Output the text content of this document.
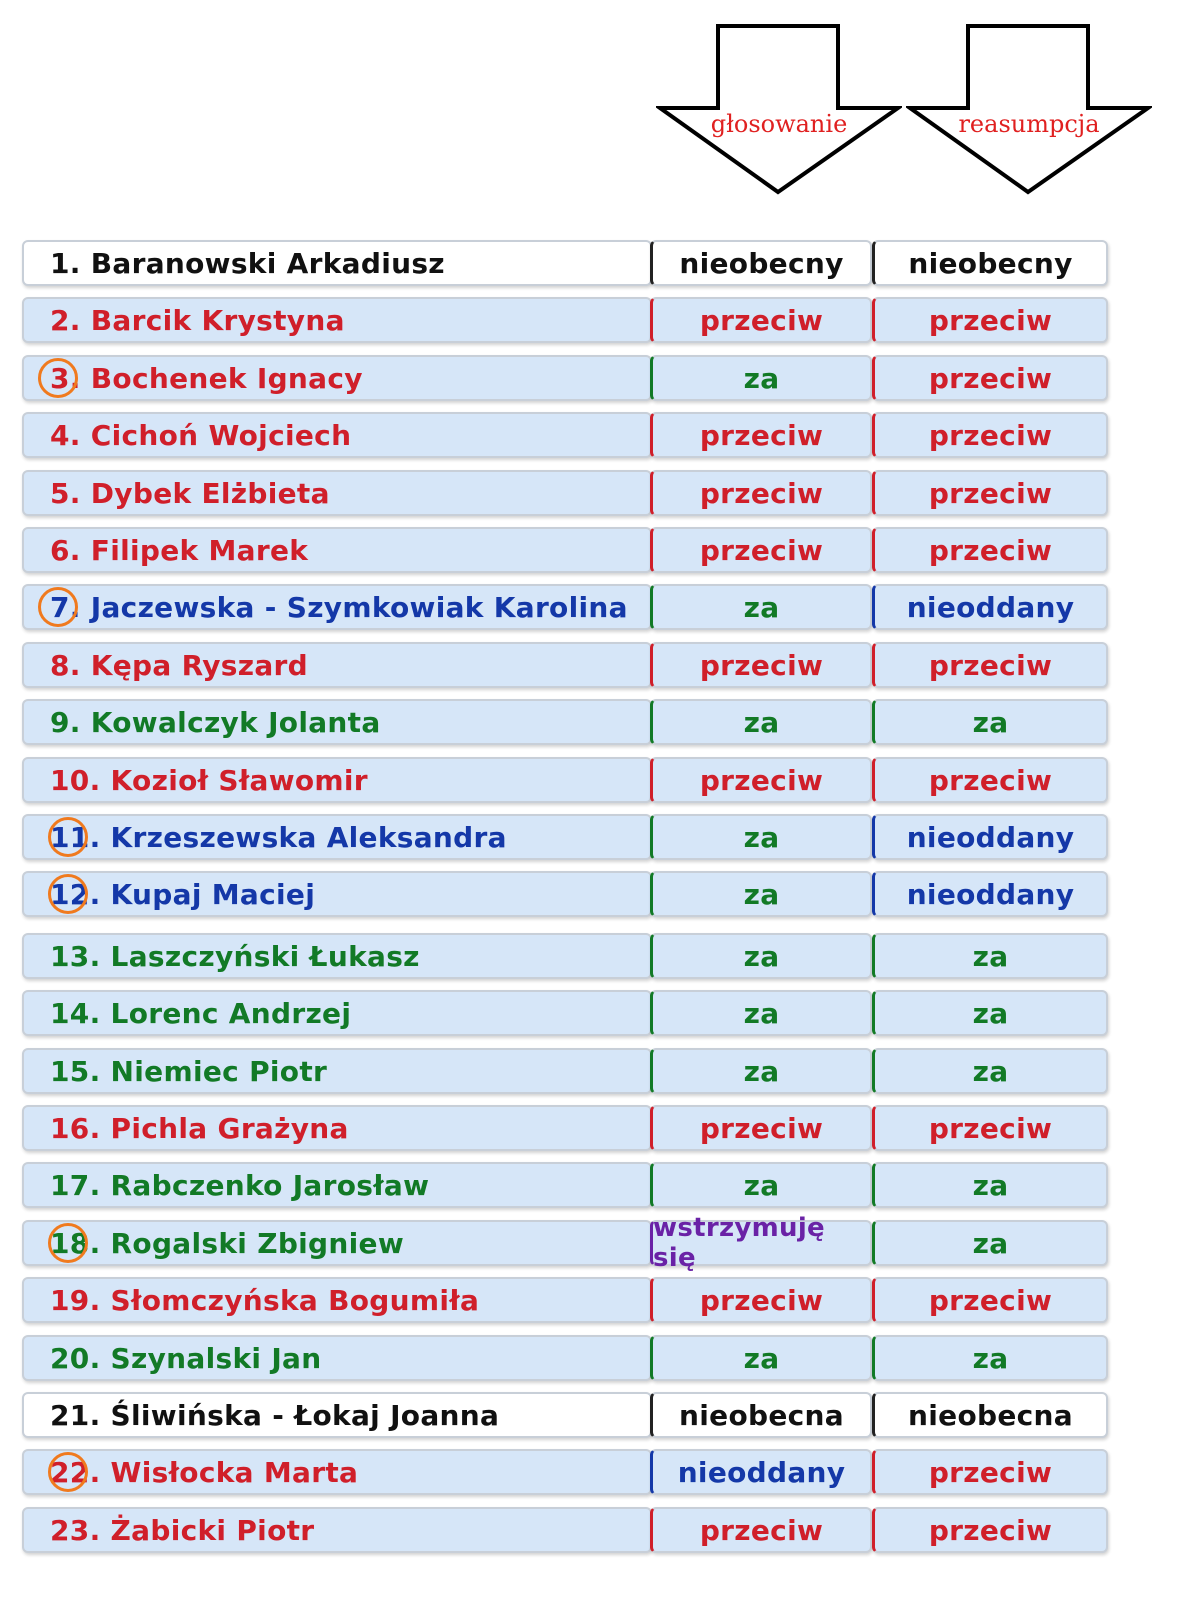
głosowanie	reasumpcja
1. Baranowski Arkadiusz	nieobecny	nieobecny
2. Barcik Krystyna	przeciw	przeciw
3. Bochenek Ignacy	za	przeciw
4. Cichoń Wojciech	przeciw	przeciw
5. Dybek Elżbieta	przeciw	przeciw
6. Filipek Marek	przeciw	przeciw
7. Jaczewska - Szymkowiak Karolina	za	nieoddany
8. Kępa Ryszard	przeciw	przeciw
9. Kowalczyk Jolanta	za	za
10. Kozioł Sławomir	przeciw	przeciw
11. Krzeszewska Aleksandra	za	nieoddany
12. Kupaj Maciej	za	nieoddany
13. Laszczyński Łukasz	za	za
14. Lorenc Andrzej	za	za
15. Niemiec Piotr	za	za
16. Pichla Grażyna	przeciw	przeciw
17. Rabczenko Jarosław	za	za
18. Rogalski Zbigniew	wstrzymuję się	za
19. Słomczyńska Bogumiła	przeciw	przeciw
20. Szynalski Jan	za	za
21. Śliwińska - Łokaj Joanna	nieobecna	nieobecna
22. Wisłocka Marta	nieoddany	przeciw
23. Żabicki Piotr	przeciw	przeciw
